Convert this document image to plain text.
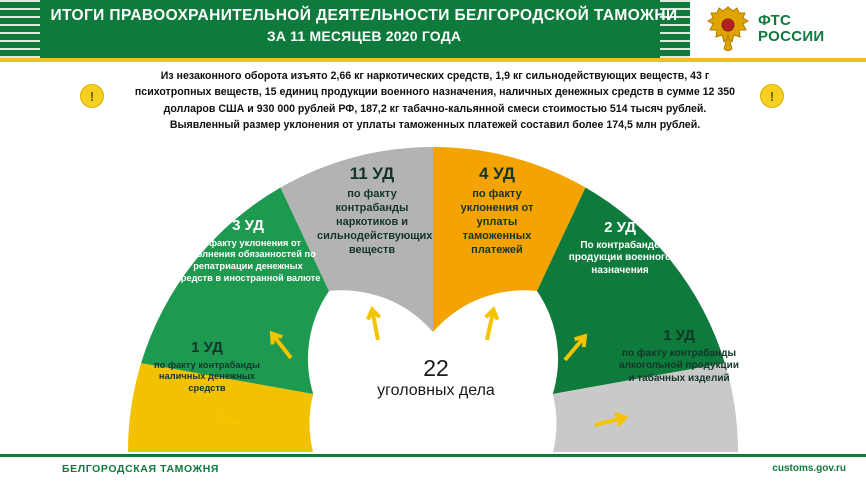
ИТОГИ ПРАВООХРАНИТЕЛЬНОЙ ДЕЯТЕЛЬНОСТИ БЕЛГОРОДСКОЙ ТАМОЖНИ
ЗА 11 МЕСЯЦЕВ 2020 ГОДА
ФТС
РОССИИ
!	!
Из незаконного оборота изъято 2,66 кг наркотических средств, 1,9 кг сильнодействующих веществ, 43 г
психотропных веществ, 15 единиц продукции военного назначения, наличных денежных средств в сумме 12 350
долларов США и 930 000 рублей РФ, 187,2 кг табачно-кальянной смеси стоимостью 514 тысяч рублей.
Выявленный размер уклонения от уплаты таможенных платежей составил более 174,5 млн рублей.
1 УД
по факту контрабанды наличных денежных средств
3 УД
по факту уклонения от исполнения обязанностей по репатриации денежных средств в иностранной валюте
11 УД
по факту контрабанды наркотиков и сильнодействующих веществ
4 УД
по факту уклонения от уплаты таможенных платежей
2 УД
По контрабанде продукции военного назначения
1 УД
по факту контрабанды алкогольной продукции и табачных изделий
22
уголовных дела
БЕЛГОРОДСКАЯ ТАМОЖНЯ	customs.gov.ru
